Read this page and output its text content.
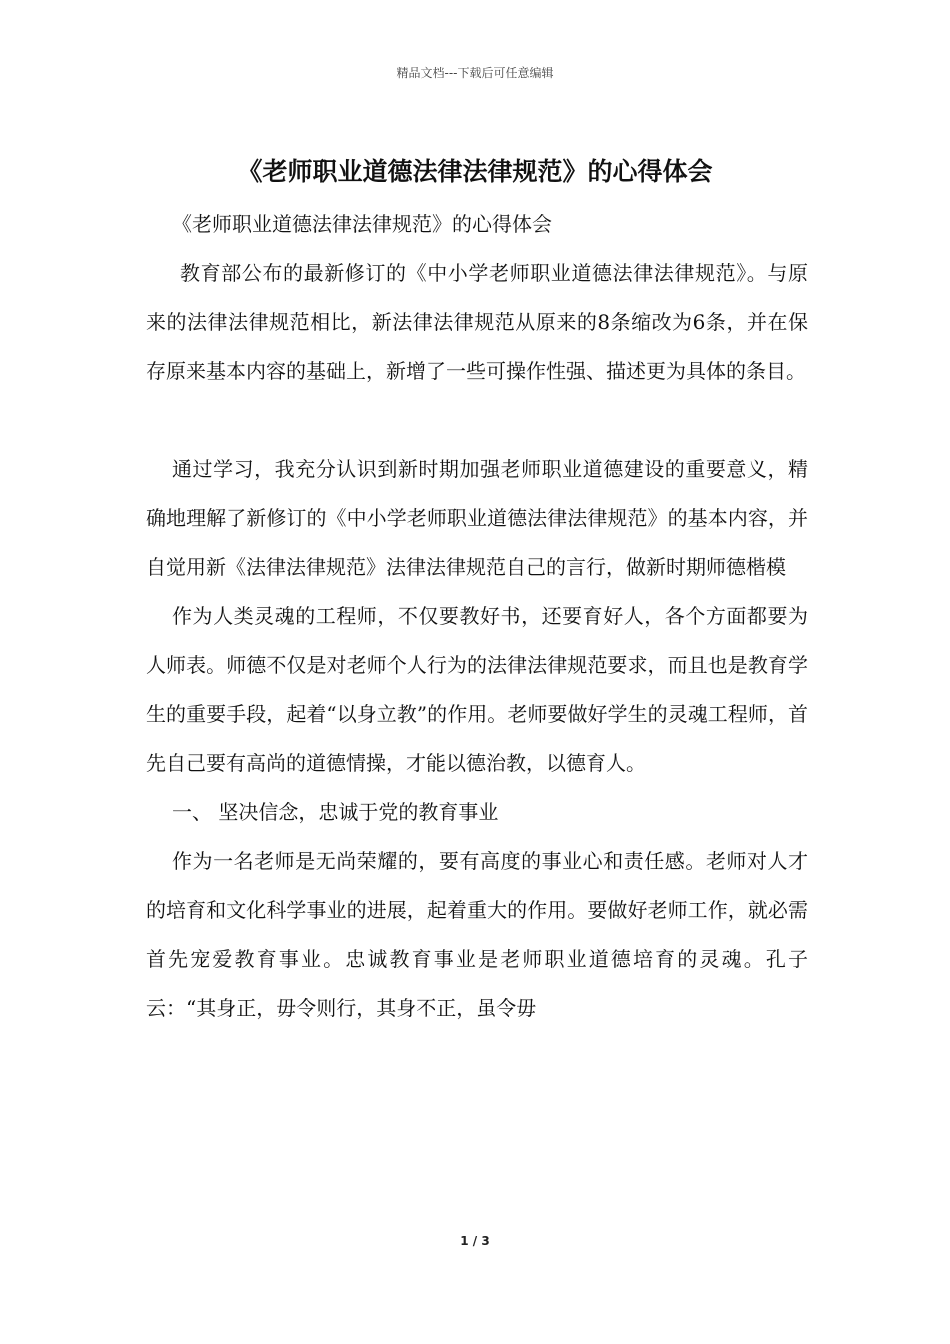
精品文档---下载后可任意编辑
《老师职业道德法律法律规范》的心得体会

《老师职业道德法律法律规范》的心得体会

教育部公布的最新修订的《中小学老师职业道德法律法律规范》。与原来的法律法律规范相比，新法律法律规范从原来的8条缩改为6条，并在保存原来基本内容的基础上，新增了一些可操作性强、描述更为具体的条目。

通过学习，我充分认识到新时期加强老师职业道德建设的重要意义，精确地理解了新修订的《中小学老师职业道德法律法律规范》的基本内容，并自觉用新《法律法律规范》法律法律规范自己的言行，做新时期师德楷模

作为人类灵魂的工程师，不仅要教好书，还要育好人，各个方面都要为人师表。师德不仅是对老师个人行为的法律法律规范要求，而且也是教育学生的重要手段，起着“以身立教”的作用。老师要做好学生的灵魂工程师，首先自己要有高尚的道德情操，才能以德治教，以德育人。

一、 坚决信念，忠诚于党的教育事业

作为一名老师是无尚荣耀的，要有高度的事业心和责任感。老师对人才的培育和文化科学事业的进展，起着重大的作用。要做好老师工作，就必需首先宠爱教育事业。忠诚教育事业是老师职业道德培育的灵魂。孔子云：“其身正，毋令则行，其身不正，虽令毋

1 / 3
